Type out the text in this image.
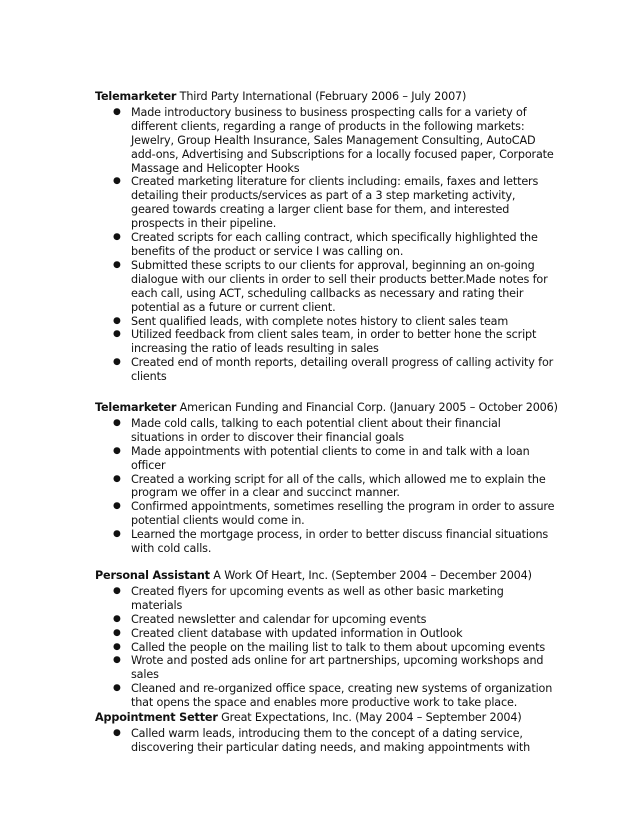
Telemarketer Third Party International (February 2006 – July 2007)
● Made introductory business to business prospecting calls for a variety of different clients, regarding a range of products in the following markets: Jewelry, Group Health Insurance, Sales Management Consulting, AutoCAD add-ons, Advertising and Subscriptions for a locally focused paper, Corporate Massage and Helicopter Hooks
● Created marketing literature for clients including: emails, faxes and letters detailing their products/services as part of a 3 step marketing activity, geared towards creating a larger client base for them, and interested prospects in their pipeline.
● Created scripts for each calling contract, which specifically highlighted the benefits of the product or service I was calling on.
● Submitted these scripts to our clients for approval, beginning an on-going dialogue with our clients in order to sell their products better.Made notes for each call, using ACT, scheduling callbacks as necessary and rating their potential as a future or current client.
● Sent qualified leads, with complete notes history to client sales team
● Utilized feedback from client sales team, in order to better hone the script increasing the ratio of leads resulting in sales
● Created end of month reports, detailing overall progress of calling activity for clients
Telemarketer American Funding and Financial Corp. (January 2005 – October 2006)
● Made cold calls, talking to each potential client about their financial situations in order to discover their financial goals
● Made appointments with potential clients to come in and talk with a loan officer
● Created a working script for all of the calls, which allowed me to explain the program we offer in a clear and succinct manner.
● Confirmed appointments, sometimes reselling the program in order to assure potential clients would come in.
● Learned the mortgage process, in order to better discuss financial situations with cold calls.
Personal Assistant A Work Of Heart, Inc. (September 2004 – December 2004)
● Created flyers for upcoming events as well as other basic marketing materials
● Created newsletter and calendar for upcoming events
● Created client database with updated information in Outlook
● Called the people on the mailing list to talk to them about upcoming events
● Wrote and posted ads online for art partnerships, upcoming workshops and sales
● Cleaned and re-organized office space, creating new systems of organization that opens the space and enables more productive work to take place.
Appointment Setter Great Expectations, Inc. (May 2004 – September 2004)
● Called warm leads, introducing them to the concept of a dating service, discovering their particular dating needs, and making appointments with
